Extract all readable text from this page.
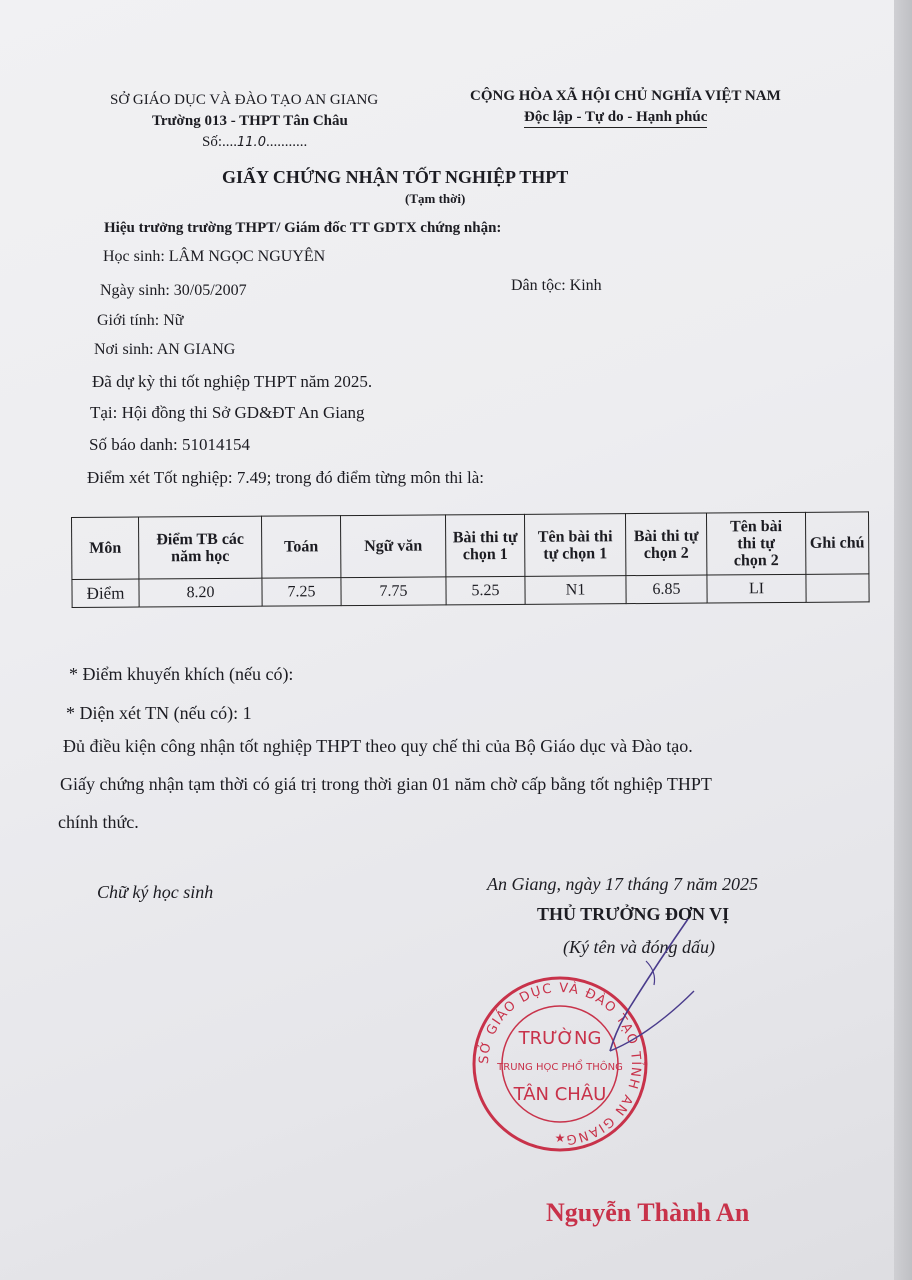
SỞ GIÁO DỤC VÀ ĐÀO TẠO AN GIANG
Trường 013 - THPT Tân Châu
Số:....11.0...........
CỘNG HÒA XÃ HỘI CHỦ NGHĨA VIỆT NAM
Độc lập - Tự do - Hạnh phúc
GIẤY CHỨNG NHẬN TỐT NGHIỆP THPT
(Tạm thời)
Hiệu trưởng trường THPT/ Giám đốc TT GDTX chứng nhận:
Học sinh: LÂM NGỌC NGUYÊN
Ngày sinh: 30/05/2007	Dân tộc: Kinh
Giới tính: Nữ
Nơi sinh: AN GIANG
Đã dự kỳ thi tốt nghiệp THPT năm 2025.
Tại: Hội đồng thi Sở GD&ĐT An Giang
Số báo danh: 51014154
Điểm xét Tốt nghiệp: 7.49; trong đó điểm từng môn thi là:
Môn	Điểm TB các năm học	Toán	Ngữ văn	Bài thi tự chọn 1	Tên bài thi tự chọn 1	Bài thi tự chọn 2	Tên bài thi tự chọn 2	Ghi chú
Điểm	8.20	7.25	7.75	5.25	N1	6.85	LI	
* Điểm khuyến khích (nếu có):
* Diện xét TN (nếu có): 1
Đủ điều kiện công nhận tốt nghiệp THPT theo quy chế thi của Bộ Giáo dục và Đào tạo.
Giấy chứng nhận tạm thời có giá trị trong thời gian 01 năm chờ cấp bằng tốt nghiệp THPT
chính thức.
Chữ ký học sinh	An Giang, ngày 17 tháng 7 năm 2025
THỦ TRƯỞNG ĐƠN VỊ
(Ký tên và đóng dấu)
SỞ GIÁO DỤC VÀ ĐÀO TẠO TỈNH AN GIANG
TRƯỜNG
TRUNG HỌC PHỔ THÔNG
TÂN CHÂU
★
Nguyễn Thành An
